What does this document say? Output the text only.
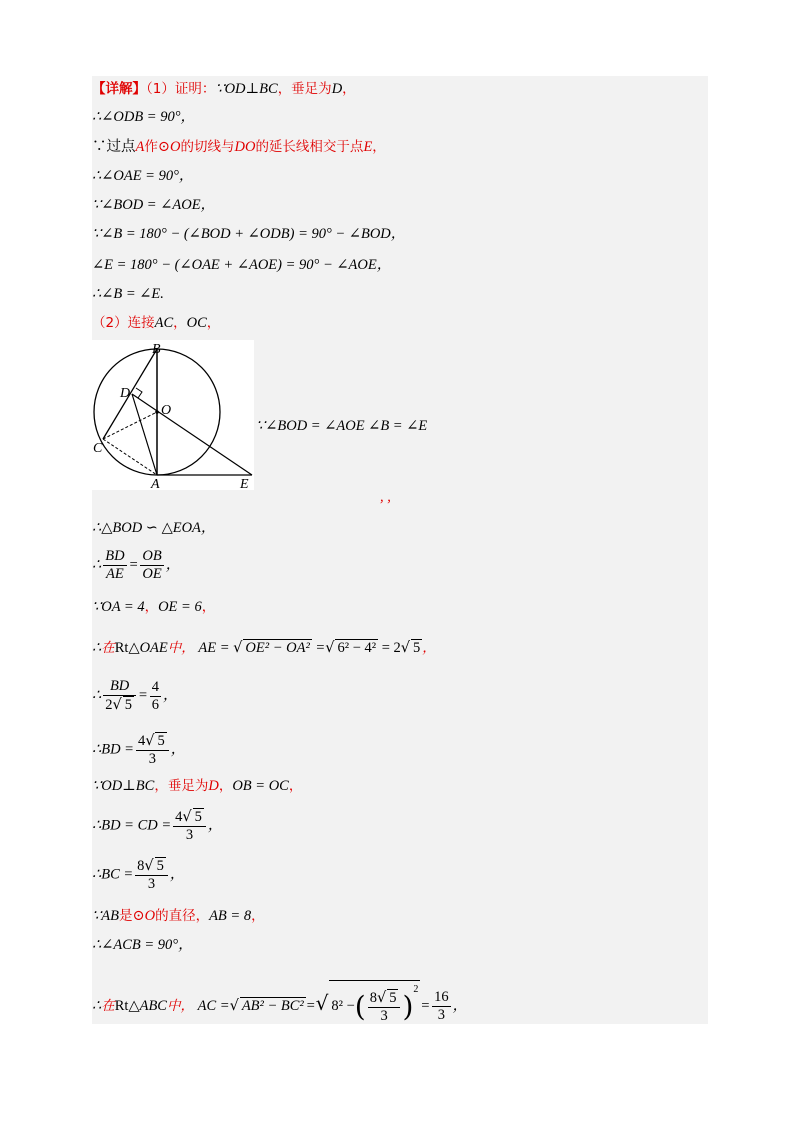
【详解】（1）证明：∵OD⊥BC，垂足为D，
∴∠ODB = 90°，
∵过点A作⊙O的切线与DO的延长线相交于点E，
∴∠OAE = 90°，
∵∠BOD = ∠AOE，
∵∠B = 180° − (∠BOD + ∠ODB) = 90° − ∠BOD，
∠E = 180° − (∠OAE + ∠AOE) = 90° − ∠AOE，
∴∠B = ∠E.
（2）连接AC，OC，
B
D
O
C
A	E
∵∠BOD = ∠AOE ∠B = ∠E
, ,
∴△BOD ∽ △EOA，
∴ $\frac{BD}{AE} = \frac{OB}{OE}$ ，
∵OA = 4，OE = 6，
∴在Rt△OAE中， AE = √ OE² − OA² =√ 6² − 4² = 2√ 5 ，
∴ $\frac{BD}{2√ 5} = \frac{4}{6}$ ，
∴BD = $\frac{4√ 5}{3}$ ，
∵OD⊥BC，垂足为D，OB = OC，
∴BD = CD = $\frac{4√ 5}{3}$ ，
∴BC = $\frac{8√ 5}{3}$ ，
∵AB是⊙O的直径，AB = 8，
∴∠ACB = 90°，
∴在Rt△ABC中， AC =√ AB² − BC² =√ 8² −( $\frac{8√ 5}{3} )^2= \frac{16}{3}$ ，
